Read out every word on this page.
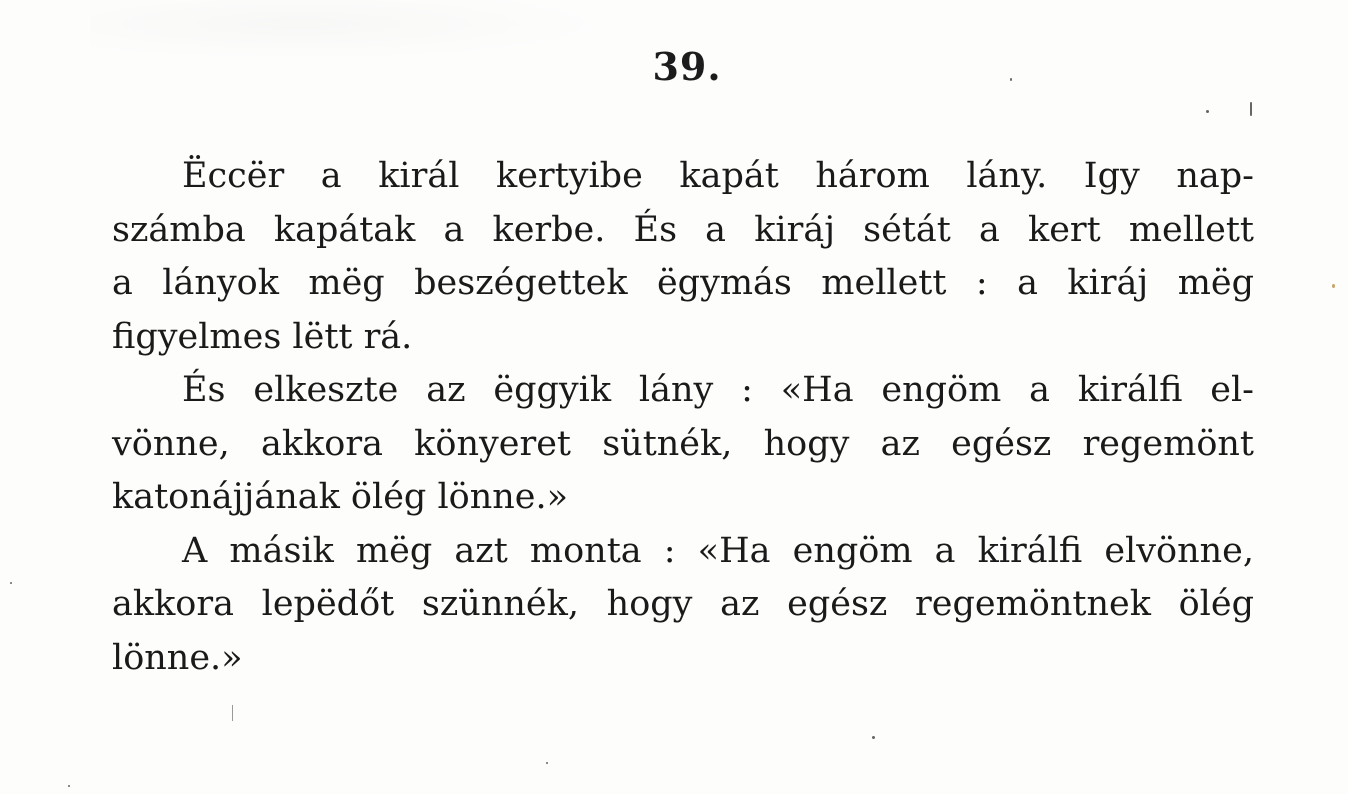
39.
Ëccër a királ kertyibe kapát három lány. Igy nap-
számba kapátak a kerbe. És a kiráj sétát a kert mellett
a lányok mëg beszégettek ëgymás mellett : a kiráj mëg
figyelmes lëtt rá.
És elkeszte az ëggyik lány : «Ha engöm a királfi el-
vönne, akkora könyeret sütnék, hogy az egész regemönt
katonájjának ölég lönne.»
A másik mëg azt monta : «Ha engöm a királfi elvönne,
akkora lepëdőt szünnék, hogy az egész regemöntnek ölég
lönne.»
